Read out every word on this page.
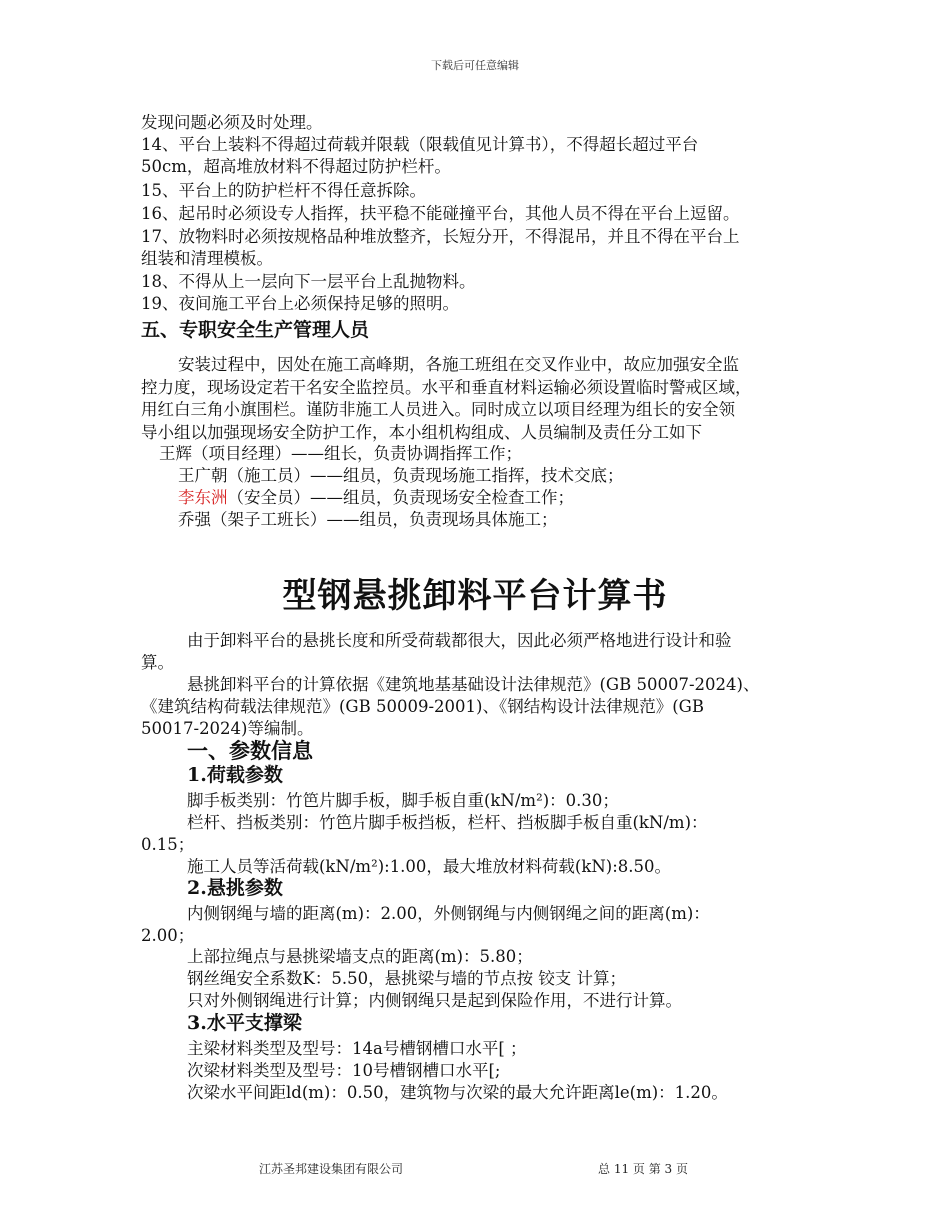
下载后可任意编辑
发现问题必须及时处理。
14、平台上装料不得超过荷载并限载（限载值见计算书），不得超长超过平台
50cm，超高堆放材料不得超过防护栏杆。
15、平台上的防护栏杆不得任意拆除。
16、起吊时必须设专人指挥，扶平稳不能碰撞平台，其他人员不得在平台上逗留。
17、放物料时必须按规格品种堆放整齐，长短分开，不得混吊，并且不得在平台上
组装和清理模板。
18、不得从上一层向下一层平台上乱抛物料。
19、夜间施工平台上必须保持足够的照明。
五、专职安全生产管理人员
安装过程中，因处在施工高峰期，各施工班组在交叉作业中，故应加强安全监
控力度，现场设定若干名安全监控员。水平和垂直材料运输必须设置临时警戒区域，
用红白三角小旗围栏。谨防非施工人员进入。同时成立以项目经理为组长的安全领
导小组以加强现场安全防护工作，本小组机构组成、人员编制及责任分工如下
王辉（项目经理）——组长，负责协调指挥工作；
王广朝（施工员）——组员，负责现场施工指挥，技术交底；
李东洲（安全员）——组员，负责现场安全检查工作；
乔强（架子工班长）——组员，负责现场具体施工；
型钢悬挑卸料平台计算书
由于卸料平台的悬挑长度和所受荷载都很大，因此必须严格地进行设计和验
算。
悬挑卸料平台的计算依据《建筑地基基础设计法律规范》(GB 50007-2024)、
《建筑结构荷载法律规范》(GB 50009-2001)、《钢结构设计法律规范》(GB
50017-2024)等编制。
一、参数信息
1.荷载参数
脚手板类别：竹笆片脚手板，脚手板自重(kN/m²)：0.30；
栏杆、挡板类别：竹笆片脚手板挡板，栏杆、挡板脚手板自重(kN/m)：
0.15；
施工人员等活荷载(kN/m²):1.00，最大堆放材料荷载(kN):8.50。
2.悬挑参数
内侧钢绳与墙的距离(m)：2.00，外侧钢绳与内侧钢绳之间的距离(m)：
2.00；
上部拉绳点与悬挑梁墙支点的距离(m)：5.80；
钢丝绳安全系数K：5.50，悬挑梁与墙的节点按 铰支 计算；
只对外侧钢绳进行计算；内侧钢绳只是起到保险作用，不进行计算。
3.水平支撑梁
主梁材料类型及型号：14a号槽钢槽口水平[ ；
次梁材料类型及型号：10号槽钢槽口水平[;
次梁水平间距ld(m)：0.50，建筑物与次梁的最大允许距离le(m)：1.20。
江苏圣邦建设集团有限公司	总 11 页 第 3 页
